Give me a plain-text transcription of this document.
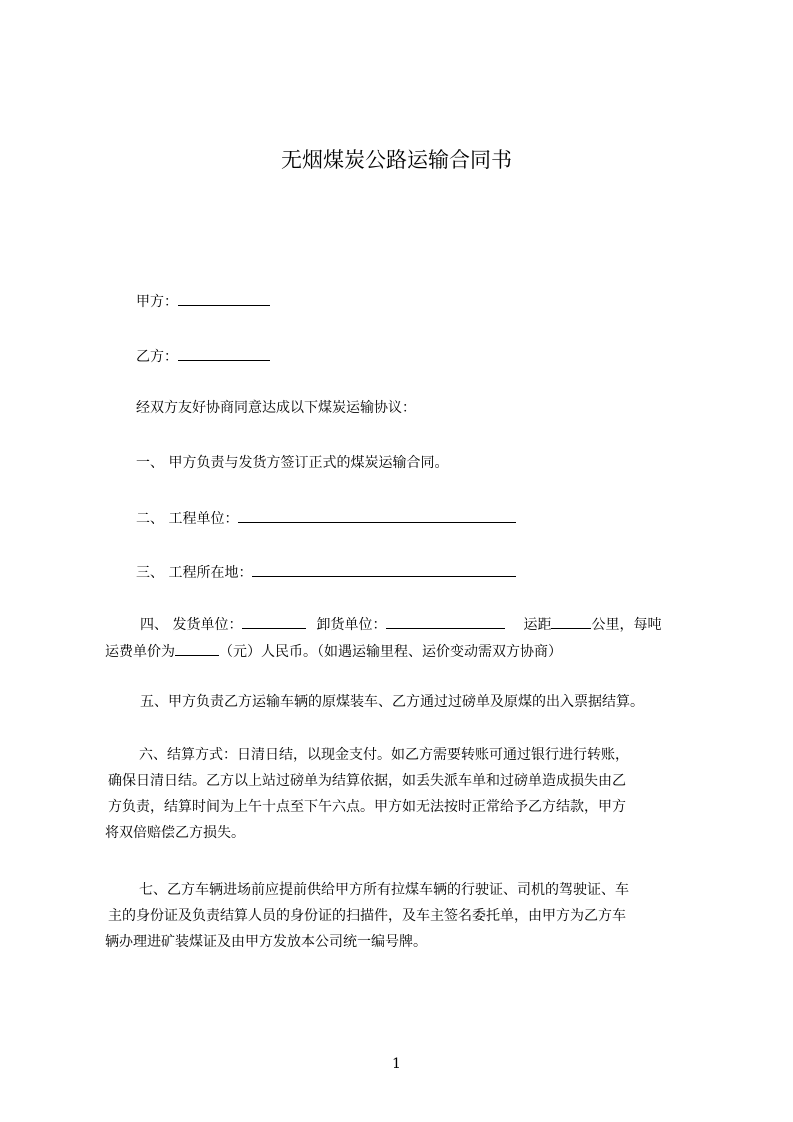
无烟煤炭公路运输合同书
甲方：
乙方：
经双方友好协商同意达成以下煤炭运输协议：
一、 甲方负责与发货方签订正式的煤炭运输合同。
二、 工程单位：
三、 工程所在地：
四、 发货单位：	卸货单位：	运距	公里，每吨
运费单价为	（元）人民币。（如遇运输里程、运价变动需双方协商）
五、甲方负责乙方运输车辆的原煤装车、乙方通过过磅单及原煤的出入票据结算。
六、结算方式：日清日结，以现金支付。如乙方需要转账可通过银行进行转账，
确保日清日结。乙方以上站过磅单为结算依据，如丢失派车单和过磅单造成损失由乙
方负责，结算时间为上午十点至下午六点。甲方如无法按时正常给予乙方结款，甲方
将双倍赔偿乙方损失。
七、乙方车辆进场前应提前供给甲方所有拉煤车辆的行驶证、司机的驾驶证、车
主的身份证及负责结算人员的身份证的扫描件，及车主签名委托单，由甲方为乙方车
辆办理进矿装煤证及由甲方发放本公司统一编号牌。
1
